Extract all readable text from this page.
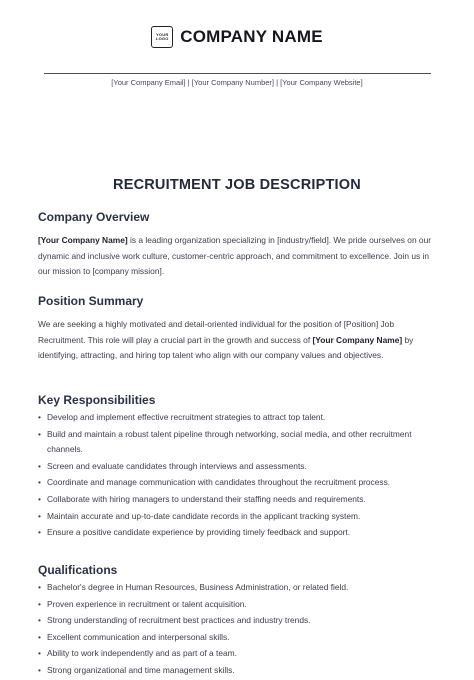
YOUR
LOGO COMPANY NAME
[Your Company Email] | [Your Company Number] | [Your Company Website]
RECRUITMENT JOB DESCRIPTION
Company Overview
[Your Company Name] is a leading organization specializing in [industry/field]. We pride ourselves on our dynamic and inclusive work culture, customer-centric approach, and commitment to excellence. Join us in our mission to [company mission].
Position Summary
We are seeking a highly motivated and detail-oriented individual for the position of [Position] Job Recruitment. This role will play a crucial part in the growth and success of [Your Company Name] by identifying, attracting, and hiring top talent who align with our company values and objectives.
Key Responsibilities
• Develop and implement effective recruitment strategies to attract top talent.
• Build and maintain a robust talent pipeline through networking, social media, and other recruitment channels.
• Screen and evaluate candidates through interviews and assessments.
• Coordinate and manage communication with candidates throughout the recruitment process.
• Collaborate with hiring managers to understand their staffing needs and requirements.
• Maintain accurate and up-to-date candidate records in the applicant tracking system.
• Ensure a positive candidate experience by providing timely feedback and support.
Qualifications
• Bachelor's degree in Human Resources, Business Administration, or related field.
• Proven experience in recruitment or talent acquisition.
• Strong understanding of recruitment best practices and industry trends.
• Excellent communication and interpersonal skills.
• Ability to work independently and as part of a team.
• Strong organizational and time management skills.
